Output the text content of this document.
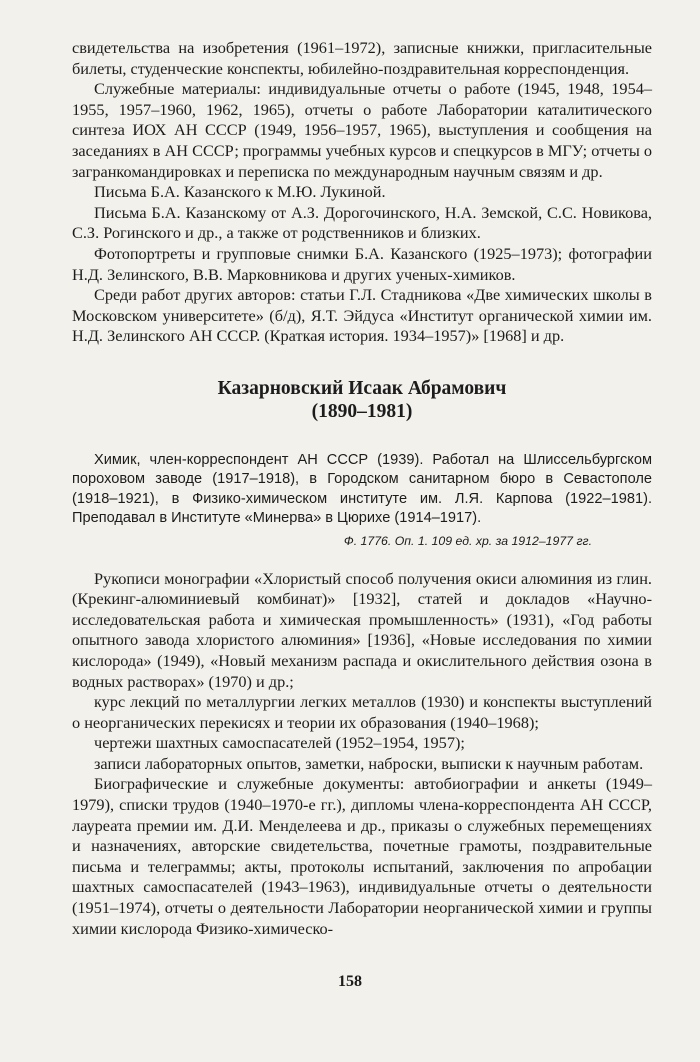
свидетельства на изобретения (1961–1972), записные книжки, пригласительные билеты, студенческие конспекты, юбилейно-поздравительная корреспонденция.

Служебные материалы: индивидуальные отчеты о работе (1945, 1948, 1954–1955, 1957–1960, 1962, 1965), отчеты о работе Лаборатории каталитического синтеза ИОХ АН СССР (1949, 1956–1957, 1965), выступления и сообщения на заседаниях в АН СССР; программы учебных курсов и спецкурсов в МГУ; отчеты о загранкомандировках и переписка по международным научным связям и др.

Письма Б.А. Казанского к М.Ю. Лукиной.

Письма Б.А. Казанскому от А.З. Дорогочинского, Н.А. Земской, С.С. Новикова, С.З. Рогинского и др., а также от родственников и близких.

Фотопортреты и групповые снимки Б.А. Казанского (1925–1973); фотографии Н.Д. Зелинского, В.В. Марковникова и других ученых-химиков.

Среди работ других авторов: статьи Г.Л. Стадникова «Две химических школы в Московском университете» (б/д), Я.Т. Эйдуса «Институт органической химии им. Н.Д. Зелинского АН СССР. (Краткая история. 1934–1957)» [1968] и др.

Казарновский Исаак Абрамович
(1890–1981)

Химик, член-корреспондент АН СССР (1939). Работал на Шлиссельбургском пороховом заводе (1917–1918), в Городском санитарном бюро в Севастополе (1918–1921), в Физико-химическом институте им. Л.Я. Карпова (1922–1981). Преподавал в Институте «Минерва» в Цюрихе (1914–1917).

Ф. 1776. Оп. 1. 109 ед. хр. за 1912–1977 гг.

Рукописи монографии «Хлористый способ получения окиси алюминия из глин. (Крекинг-алюминиевый комбинат)» [1932], статей и докладов «Научно-исследовательская работа и химическая промышленность» (1931), «Год работы опытного завода хлористого алюминия» [1936], «Новые исследования по химии кислорода» (1949), «Новый механизм распада и окислительного действия озона в водных растворах» (1970) и др.;

курс лекций по металлургии легких металлов (1930) и конспекты выступлений о неорганических перекисях и теории их образования (1940–1968);

чертежи шахтных самоспасателей (1952–1954, 1957);

записи лабораторных опытов, заметки, наброски, выписки к научным работам.

Биографические и служебные документы: автобиографии и анкеты (1949–1979), списки трудов (1940–1970-е гг.), дипломы члена-корреспондента АН СССР, лауреата премии им. Д.И. Менделеева и др., приказы о служебных перемещениях и назначениях, авторские свидетельства, почетные грамоты, поздравительные письма и телеграммы; акты, протоколы испытаний, заключения по апробации шахтных самоспасателей (1943–1963), индивидуальные отчеты о деятельности (1951–1974), отчеты о деятельности Лаборатории неорганической химии и группы химии кислорода Физико-химическо-

158
